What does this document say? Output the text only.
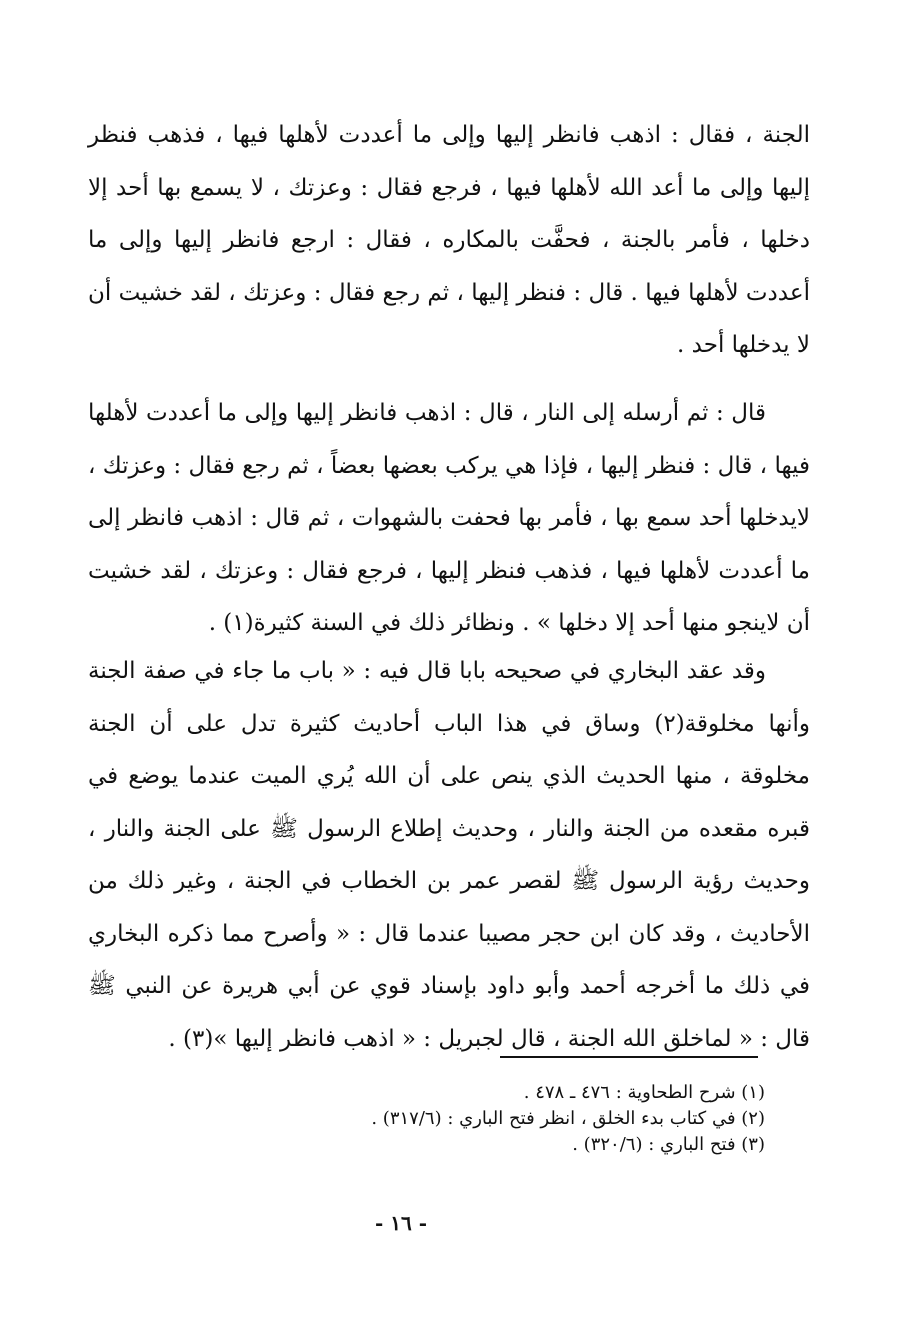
الجنة ، فقال : اذهب فانظر إليها وإلى ما أعددت لأهلها فيها ، فذهب فنظر إليها وإلى ما أعد الله لأهلها فيها ، فرجع فقال : وعزتك ، لا يسمع بها أحد إلا دخلها ، فأمر بالجنة ، فحفَّت بالمكاره ، فقال : ارجع فانظر إليها وإلى ما أعددت لأهلها فيها . قال : فنظر إليها ، ثم رجع فقال : وعزتك ، لقد خشيت أن لا يدخلها أحد .

قال : ثم أرسله إلى النار ، قال : اذهب فانظر إليها وإلى ما أعددت لأهلها فيها ، قال : فنظر إليها ، فإذا هي يركب بعضها بعضاً ، ثم رجع فقال : وعزتك ، لايدخلها أحد سمع بها ، فأمر بها فحفت بالشهوات ، ثم قال : اذهب فانظر إلى ما أعددت لأهلها فيها ، فذهب فنظر إليها ، فرجع فقال : وعزتك ، لقد خشيت أن لاينجو منها أحد إلا دخلها » . ونظائر ذلك في السنة كثيرة(١) .

وقد عقد البخاري في صحيحه بابا قال فيه : « باب ما جاء في صفة الجنة وأنها مخلوقة(٢) وساق في هذا الباب أحاديث كثيرة تدل على أن الجنة مخلوقة ، منها الحديث الذي ينص على أن الله يُري الميت عندما يوضع في قبره مقعده من الجنة والنار ، وحديث إطلاع الرسول ﷺ على الجنة والنار ، وحديث رؤية الرسول ﷺ لقصر عمر بن الخطاب في الجنة ، وغير ذلك من الأحاديث ، وقد كان ابن حجر مصيبا عندما قال : « وأصرح مما ذكره البخاري في ذلك ما أخرجه أحمد وأبو داود بإسناد قوي عن أبي هريرة عن النبي ﷺ قال : « لماخلق الله الجنة ، قال لجبريل : « اذهب فانظر إليها »(٣) .

(١) شرح الطحاوية : ٤٧٦ ـ ٤٧٨ .
(٢) في كتاب بدء الخلق ، انظر فتح الباري : (٣١٧/٦) .
(٣) فتح الباري : (٣٢٠/٦) .
- ١٦ -
